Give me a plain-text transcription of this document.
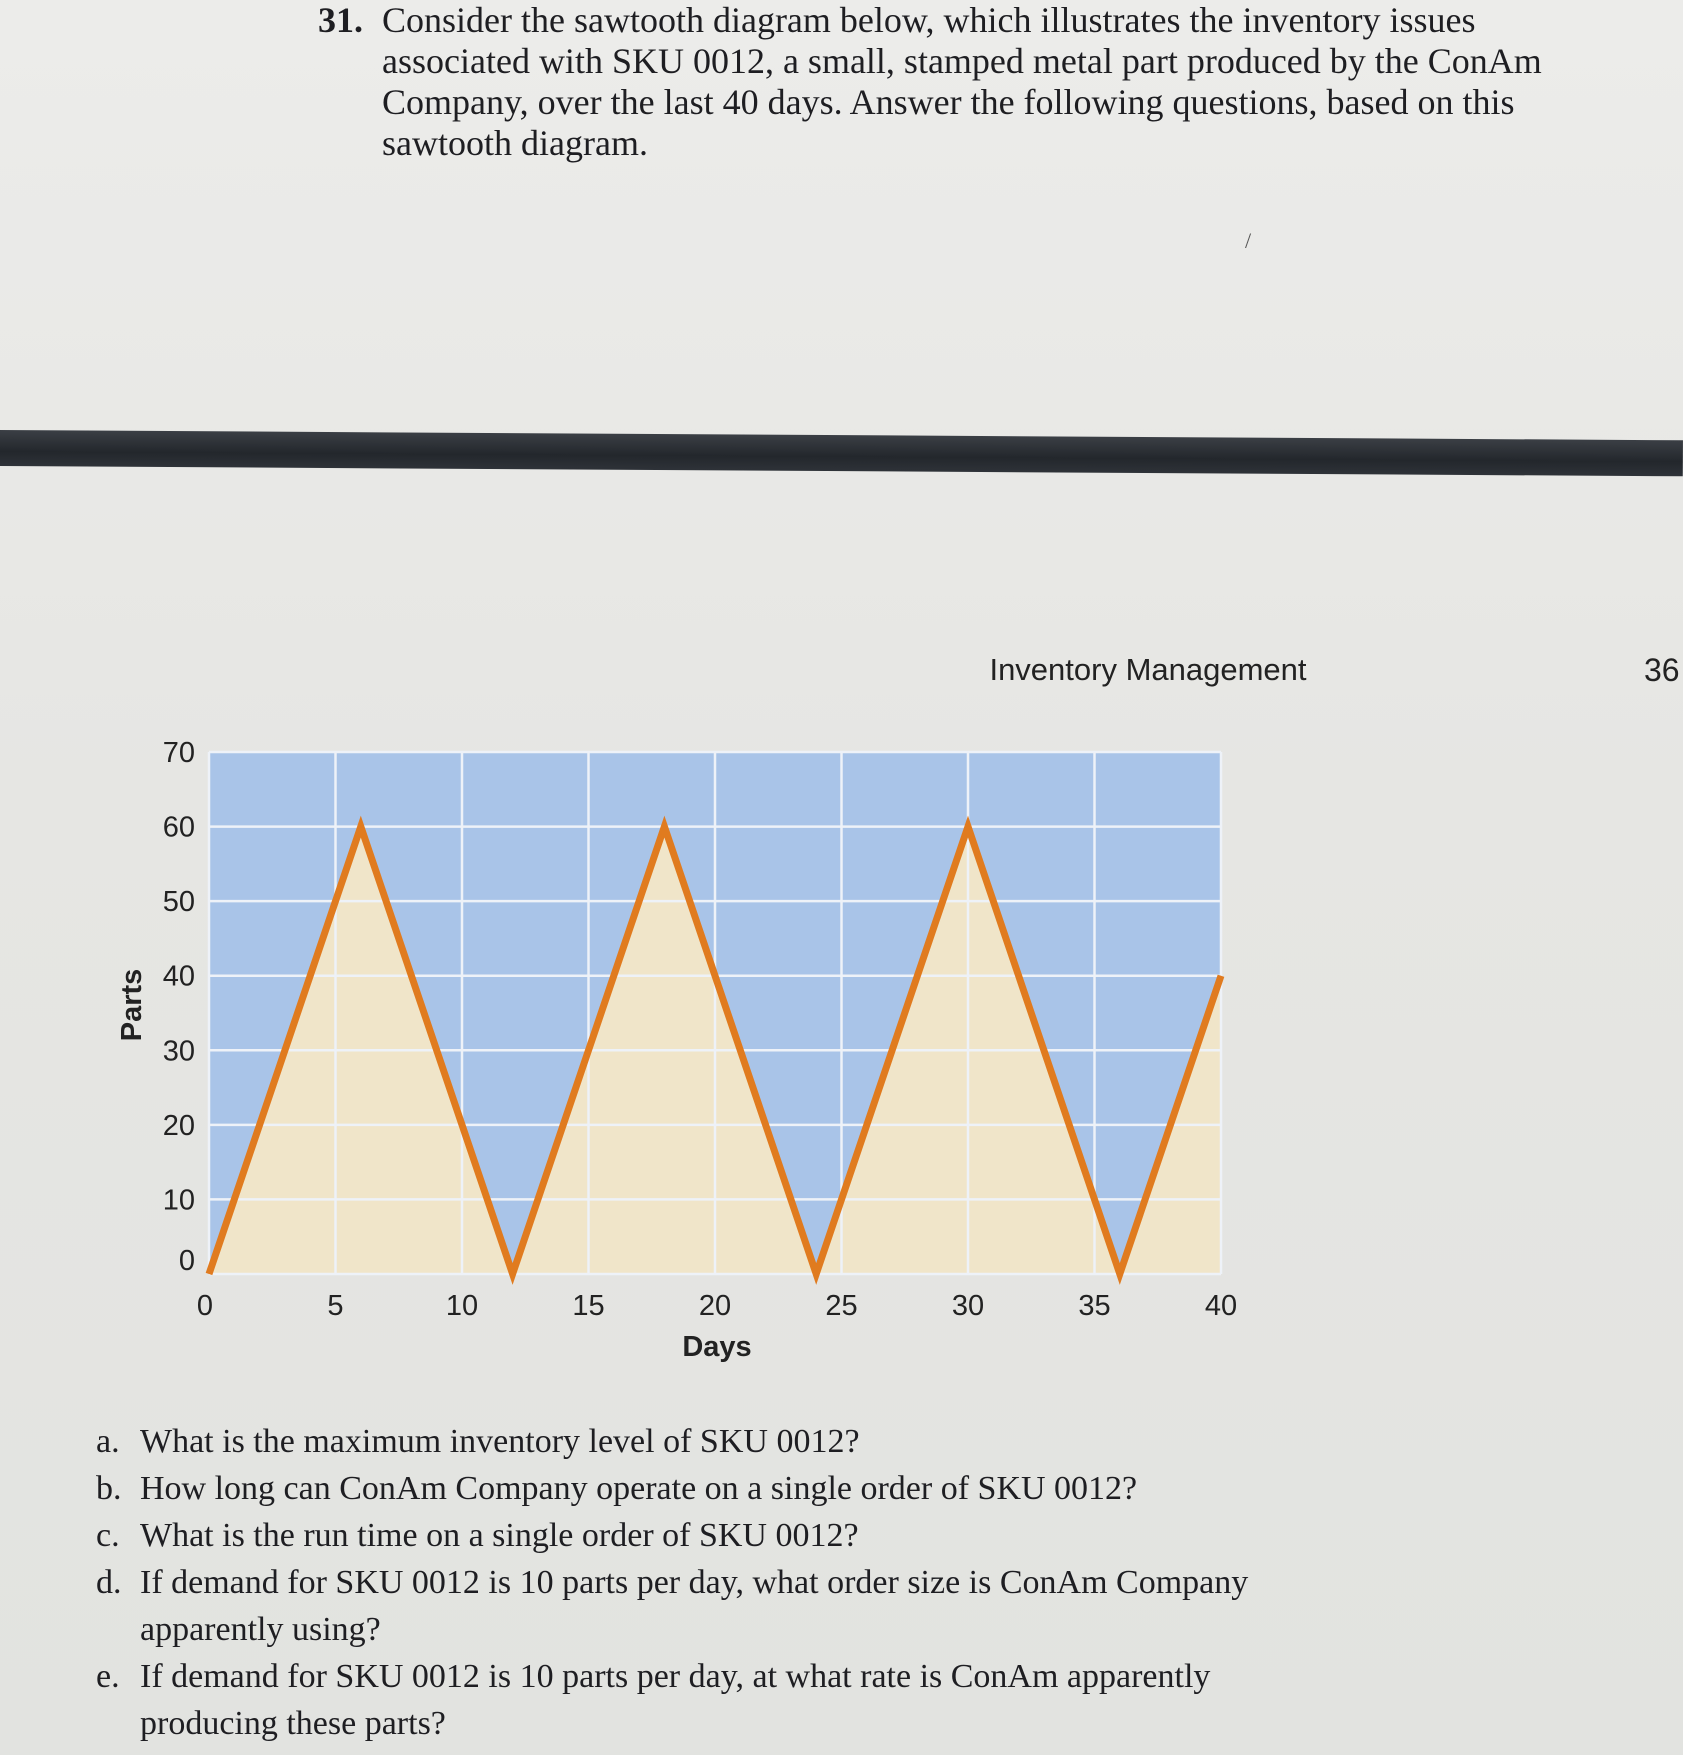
31. Consider the sawtooth diagram below, which illustrates the inventory issues associated with SKU 0012, a small, stamped metal part produced by the ConAm Company, over the last 40 days. Answer the following questions, based on this sawtooth diagram.
/
36
0	5	10	15	20	25	30	35	40
0
10
20
30
40
50
60
70
Inventory Management
Days
Parts
a. What is the maximum inventory level of SKU 0012?
b. How long can ConAm Company operate on a single order of SKU 0012?
c. What is the run time on a single order of SKU 0012?
d. If demand for SKU 0012 is 10 parts per day, what order size is ConAm Company apparently using?
e. If demand for SKU 0012 is 10 parts per day, at what rate is ConAm apparently producing these parts?
